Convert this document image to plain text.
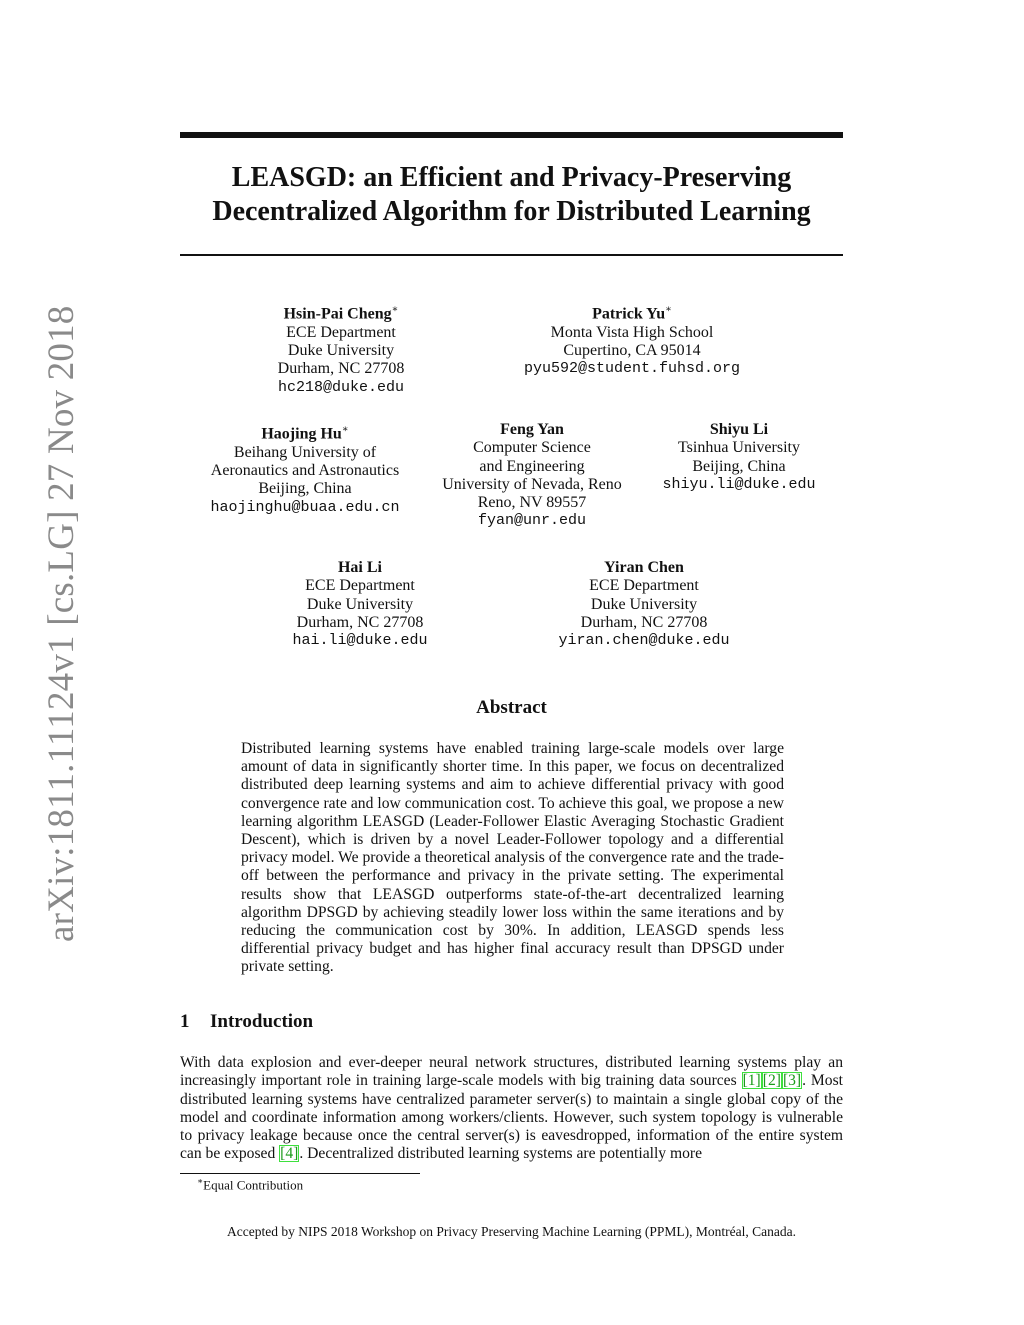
arXiv:1811.11124v1 [cs.LG] 27 Nov 2018
LEASGD: an Efficient and Privacy-Preserving
Decentralized Algorithm for Distributed Learning
Hsin-Pai Cheng∗
ECE Department
Duke University
Durham, NC 27708
hc218@duke.edu
Patrick Yu∗
Monta Vista High School
Cupertino, CA 95014
pyu592@student.fuhsd.org
Haojing Hu∗
Beihang University of
Aeronautics and Astronautics
Beijing, China
haojinghu@buaa.edu.cn
Feng Yan
Computer Science
and Engineering
University of Nevada, Reno
Reno, NV 89557
fyan@unr.edu
Shiyu Li
Tsinhua University
Beijing, China
shiyu.li@duke.edu
Hai Li
ECE Department
Duke University
Durham, NC 27708
hai.li@duke.edu
Yiran Chen
ECE Department
Duke University
Durham, NC 27708
yiran.chen@duke.edu
Abstract

Distributed learning systems have enabled training large-scale models over large amount of data in significantly shorter time. In this paper, we focus on decentralized distributed deep learning systems and aim to achieve differential privacy with good convergence rate and low communication cost. To achieve this goal, we propose a new learning algorithm LEASGD (Leader-Follower Elastic Averaging Stochastic Gradient Descent), which is driven by a novel Leader-Follower topology and a differential privacy model. We provide a theoretical analysis of the convergence rate and the trade-off between the performance and privacy in the private setting. The experimental results show that LEASGD outperforms state-of-the-art decentralized learning algorithm DPSGD by achieving steadily lower loss within the same iterations and by reducing the communication cost by 30%. In addition, LEASGD spends less differential privacy budget and has higher final accuracy result than DPSGD under private setting.

1 Introduction

With data explosion and ever-deeper neural network structures, distributed learning systems play an increasingly important role in training large-scale models with big training data sources [1] [2] [3]. Most distributed learning systems have centralized parameter server(s) to maintain a single global copy of the model and coordinate information among workers/clients. However, such system topology is vulnerable to privacy leakage because once the central server(s) is eavesdropped, information of the entire system can be exposed [4]. Decentralized distributed learning systems are potentially more

∗Equal Contribution

Accepted by NIPS 2018 Workshop on Privacy Preserving Machine Learning (PPML), Montréal, Canada.
